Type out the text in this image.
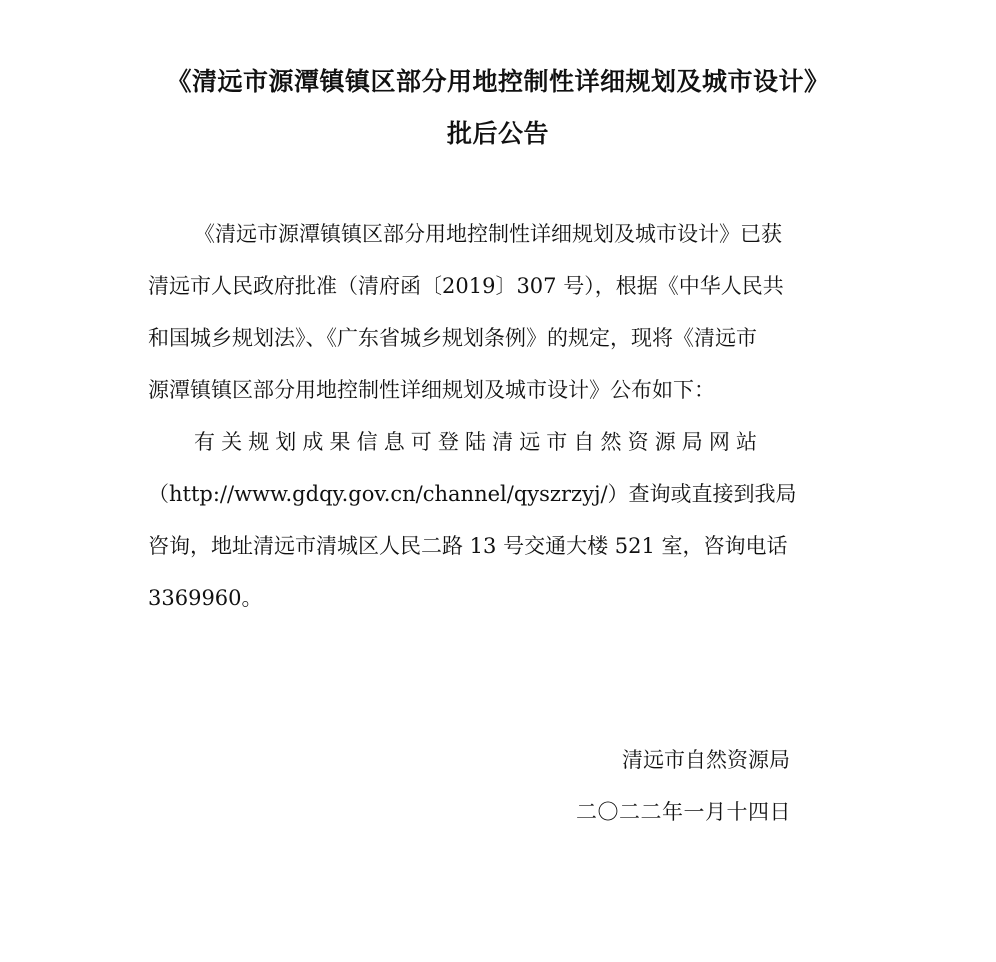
《清远市源潭镇镇区部分用地控制性详细规划及城市设计》
批后公告
《清远市源潭镇镇区部分用地控制性详细规划及城市设计》已获
清远市人民政府批准（清府函〔2019〕307 号），根据《中华人民共
和国城乡规划法》、《广东省城乡规划条例》的规定，现将《清远市
源潭镇镇区部分用地控制性详细规划及城市设计》公布如下：
有关规划成果信息可登陆清远市自然资源局网站
（http://www.gdqy.gov.cn/channel/qyszrzyj/）查询或直接到我局
咨询，地址清远市清城区人民二路 13 号交通大楼 521 室，咨询电话
3369960。
清远市自然资源局
二〇二二年一月十四日
